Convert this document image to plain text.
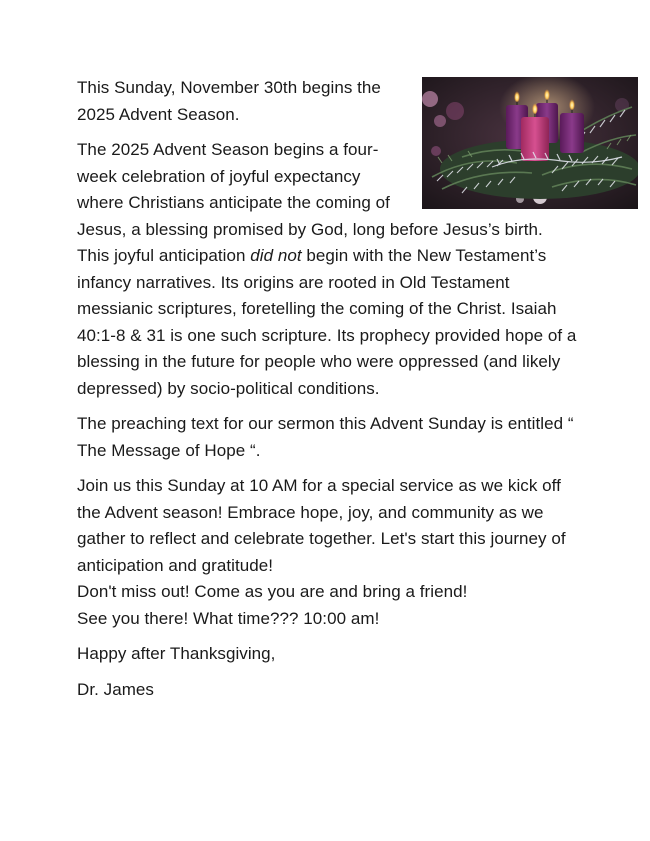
This Sunday, November 30th begins the 2025 Advent Season.

The 2025 Advent Season begins a four-week celebration of joyful expectancy where Christians anticipate the coming of Jesus, a blessing promised by God, long before Jesus’s birth. This joyful anticipation did not begin with the New Testament’s infancy narratives. Its origins are rooted in Old Testament messianic scriptures, foretelling the coming of the Christ. Isaiah 40:1-8 & 31 is one such scripture. Its prophecy provided hope of a blessing in the future for people who were oppressed (and likely depressed) by socio-political conditions.

The preaching text for our sermon this Advent Sunday is entitled “ The Message of Hope “.

Join us this Sunday at 10 AM for a special service as we kick off the Advent season! Embrace hope, joy, and community as we gather to reflect and celebrate together. Let's start this journey of anticipation and gratitude!

Don't miss out! Come as you are and bring a friend!

See you there! What time??? 10:00 am!

Happy after Thanksgiving,

Dr. James
